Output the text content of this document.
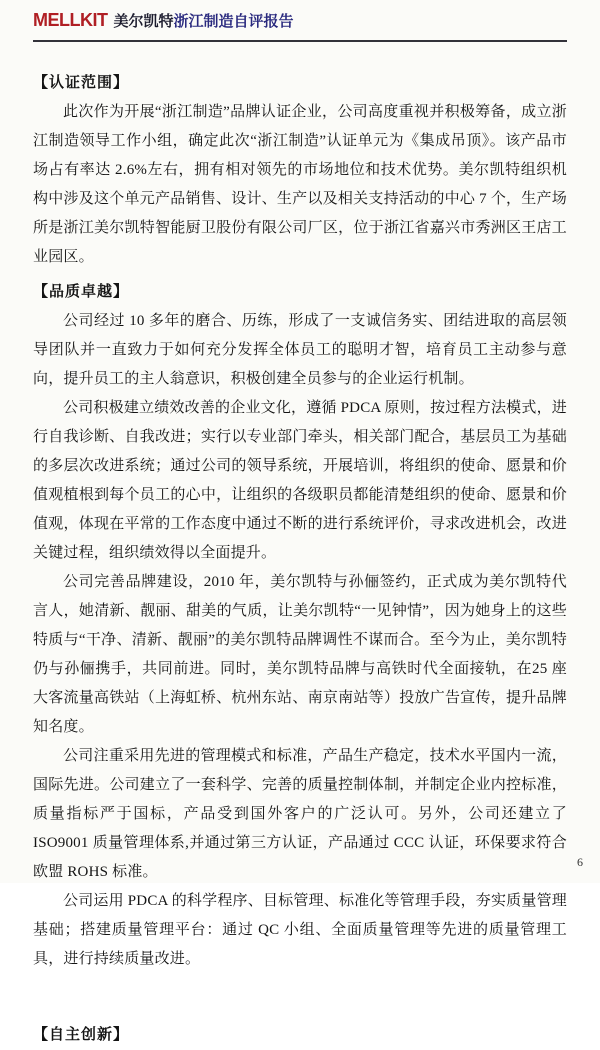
MELLKIT 美尔凯特浙江制造自评报告

【认证范围】

此次作为开展“浙江制造”品牌认证企业，公司高度重视并积极筹备，成立浙江制造领导工作小组，确定此次“浙江制造”认证单元为《集成吊顶》。该产品市场占有率达 2.6%左右，拥有相对领先的市场地位和技术优势。美尔凯特组织机构中涉及这个单元产品销售、设计、生产以及相关支持活动的中心 7 个，生产场所是浙江美尔凯特智能厨卫股份有限公司厂区，位于浙江省嘉兴市秀洲区王店工业园区。

【品质卓越】

公司经过 10 多年的磨合、历练，形成了一支诚信务实、团结进取的高层领导团队并一直致力于如何充分发挥全体员工的聪明才智，培育员工主动参与意向，提升员工的主人翁意识，积极创建全员参与的企业运行机制。

公司积极建立绩效改善的企业文化，遵循 PDCA 原则，按过程方法模式，进行自我诊断、自我改进；实行以专业部门牵头，相关部门配合，基层员工为基础的多层次改进系统；通过公司的领导系统，开展培训，将组织的使命、愿景和价值观植根到每个员工的心中，让组织的各级职员都能清楚组织的使命、愿景和价值观，体现在平常的工作态度中通过不断的进行系统评价，寻求改进机会，改进关键过程，组织绩效得以全面提升。

公司完善品牌建设，2010 年，美尔凯特与孙俪签约，正式成为美尔凯特代言人，她清新、靓丽、甜美的气质，让美尔凯特“一见钟情”，因为她身上的这些特质与“干净、清新、靓丽”的美尔凯特品牌调性不谋而合。至今为止，美尔凯特仍与孙俪携手，共同前进。同时，美尔凯特品牌与高铁时代全面接轨，在25 座大客流量高铁站（上海虹桥、杭州东站、南京南站等）投放广告宣传，提升品牌知名度。

公司注重采用先进的管理模式和标准，产品生产稳定，技术水平国内一流，国际先进。公司建立了一套科学、完善的质量控制体制，并制定企业内控标准，质量指标严于国标，产品受到国外客户的广泛认可。另外，公司还建立了 ISO9001 质量管理体系,并通过第三方认证，产品通过 CCC 认证，环保要求符合欧盟 ROHS 标准。

公司运用 PDCA 的科学程序、目标管理、标准化等管理手段，夯实质量管理基础；搭建质量管理平台：通过 QC 小组、全面质量管理等先进的质量管理工具，进行持续质量改进。

【自主创新】

6
